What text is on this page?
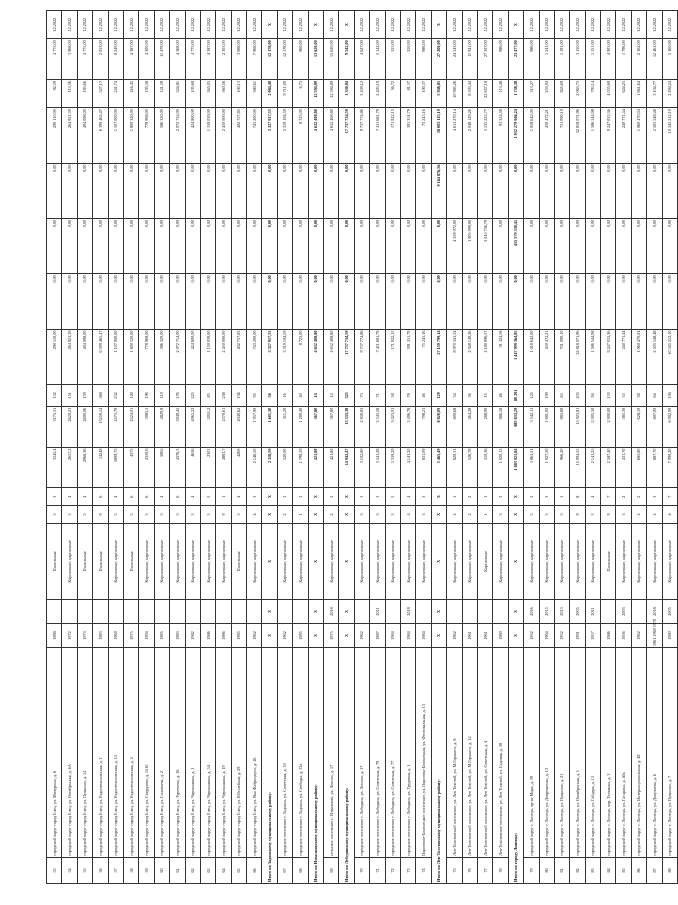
53	городской округ город Елец, ул. Мичурина, д. 6	1988		Панельные	5	3	3545,4	3175,31	132	290 110,00	0,00	0,00	0,00	290 110,00	92,59	4 775,00	12.2022
54	городской округ город Елец, ул. Октябрьская, д. 6А	1972		Кирпичные, кирпичные	5	4	2657,2	2620,21	151	264 921,39	0,00	0,00	0,00	264 921,39	113,56	3 968,00	12.2022
55	городской округ город Елец, ул. Пушкина, д. 14	1973		Панельные	5	4	2968,36	2690,06	139	494 098,00	0,00	0,00	0,00	494 098,00	183,66	4 775,00	12.2022
56	городской округ город Елец, ул. Радиотехническая, д. 1	1983		Панельные	9	6	14248	13259,14	568	6 399 465,47	0,00	0,00	0,00	6 399 465,47	527,17	2 053,00	12.2022
57	городской округ город Елец, ул. Радиотехническая, д. 15	1969		Кирпичные, кирпичные	5	4	5899,75	4575,79	232	1 107 000,00	0,00	0,00	0,00	1 107 000,00	241,74	8 249,00	12.2022
58	городской округ город Елец, ул. Радиотехническая, д. 5	1975		Панельные	5	6	4375	4324,01	140	1 800 320,00	0,00	0,00	0,00	1 800 320,00	416,45	4 387,00	12.2022
59	городской округ город Елец, ул. Свердлова, д. 151б	1994		Кирпичные, кирпичные	5	6	4350,6	3983,5	196	778 968,00	0,00	0,00	0,00	778 968,00	195,58	4 300,00	12.2022
60	городской округ город Елец, ул. Соловьева, д. 2	1985		Кирпичные, кирпичные	5	4	5065	4829,8	119	586 320,00	0,00	0,00	0,00	586 320,00	121,39	11 479,00	12.2022
61	городской округ город Елец, ул. Тургенева, д. 16	1983		Кирпичные, кирпичные	5	6	4376,3	3949,45	176	2 072 714,00	0,00	0,00	0,00	2 072 714,00	524,81	4 368,00	12.2022
62	городской округ город Елец, ул. Черокашина, д. 1	1982		Кирпичные, кирпичные	5	4	4656	4065,22	225	424 800,00	0,00	0,00	0,00	424 800,00	105,68	4 775,00	12.2022
63	городской округ город Елец, ул. Черокашина, д. 5А	1986		Кирпичные, кирпичные	5	5	2301	2051,2	85	1 159 039,00	0,00	0,00	0,00	1 159 039,00	565,05	4 387,00	12.2022
64	городской округ город Елец, ул. Черокашина, д. 19	1986		Кирпичные, кирпичные	9	1	4881,7	4370,61	238	2 450 000,00	0,00	0,00	0,00	2 450 000,00	560,56	2 303,00	12.2022
65	городской округ город Елец, ул. Юбилейная, д. 29	1985		Панельные	5	4	4269	4040,62	136	402 757,85	0,00	0,00	0,00	402 757,85	100,13	3 068,00	12.2022
66	городской округ город Елец, ул. Яна Фабрициуса, д. 16	1962		Кирпичные, кирпичные	4	3	2 146,50	1 957,90	95	743 200,00	0,00	0,00	0,00	743 200,00	380,61	7 968,00	12.2022
Итого по Задонскому муниципальному району:		X	X	X	X	X	2 118,59	1 601,30	56	3 327 917,55	0,00	0,00	0,00	3 327 917,55	2 084,48	12 178,00	X
67	городское поселение г. Задонск, ул. Советская, д. 55	1962		Кирпичные, кирпичные	2	1	320,00	311,20	16	3 319 194,59	0,00	0,00	0,00	3 319 194,59	9 711,00	12 178,00	12.2022
68	городское поселение г. Задонск, ул. Свободы, д. 33а	1985		Кирпичные, кирпичные	1	1	1 798,59	1 289,40	40	8 723,00	0,00	0,00	0,00	8 723,00	6,73	960,00	12.2022
Итого по Измалковскому муниципальному району:		X	X	X	X	X	421,80	367,80	14	4 632 408,80	0,00	0,00	0,00	4 632 408,80	12 594,89	13 620,00	X
69	сельское поселение с. Измалково, ул. Ленина, д. 17	1975	2018	Кирпичные, кирпичные	2	3	421,80	367,80	14	4 632 408,80	0,00	0,00	0,00	4 632 408,80	12 594,89	13 620,00	12.2022
Итого по Лебедянскому муниципальному району:		X	X	X	X	X	14 942,47	13 333,38	325	17 737 734,59	0,00	0,00	0,00	17 737 734,59	1 330,84	9 542,00	X
70	городское поселение г. Лебедянь, ул. Ленина, д. 17	1962		Кирпичные, кирпичные	3	3	3 102,80	2 830,83	73	9 737 774,86	0,00	0,00	0,00	9 737 774,86	3 439,12	4 627,00	12.2022
71	городское поселение г. Лебедянь, ул. Советская, д. 79	1987	2011	Кирпичные, кирпичные	3	3	3 541,28	3 343,58	71	7 411 681,79	0,00	0,00	0,00	7 411 681,79	2 403,19	5 142,00	12.2022
72	городское поселение г. Лебедянь, ул. Советская, д. 77	1984		Кирпичные, кирпичные	5	5	3 339,29	3 023,91	58	171 922,15	0,00	0,00	0,00	171 922,15	56,72	555,00	12.2022
73	городское поселение г. Лебедянь, ул. Трудовая, д. 1	1984	2018	Кирпичные, кирпичные	4	4	4 141,20	3 496,78	78	391 351,79	0,00	0,00	0,00	391 351,79	81,37	350,00	12.2022
74	Пироговое-Болонецкое поселение, ул. Пирогова-Болонецкая, ул. Фестивальная, д. 13	1984		Кирпичные, кирпичные	3	3	831,09	798,21	46	75 245,16	0,00	0,00	0,00	75 245,16	100,37	986,00	12.2022
Итого по Лев-Толстовскому муниципальному району:		X	X	X	X	X	5 465,49	8 820,09	129	27 139 799,14	0,00	0,00	9 164 876,56	18 002 115,19	5 948,85	27 200,00	X
75	Лев-Толстовский поселение, ул. Лев Толстой, ул. М.Горького, д. 8	1962		Кирпичные, кирпичные	2	1	820,31	809,68	34	8 970 341,54	0,00	4 359 072,00	0,00	4 611 270,14	10 985,26	24 543,00	12.2022
76	Лев-Толстовский поселение, ул. Лев Толстой, ул. М.Горького, д. 12	1961		Кирпичные, кирпичные	2	2	526,78	464,28	36	2 048 149,26	0,00	1 905 999,00	0,00	2 048 149,26	8 503,44	11 941,00	12.2022
77	Лев-Толстовский поселение, ул. Лев Толстой, ул. Советская, д. 4	1961		Кирпичные	1	1	310,56	288,90	15	4 180 896,57	0,00	3 045 756,79	0,00	3 135 223,77	22 857,18	27 507,00	12.2022
78	Лев-Толстовское поселение, ул. Лев Толстой, ул. Садовая, д. 38	1980		Кирпичные, кирпичные	3	3	1 020,15	886,58	46	91 324,58	0,00	0,00	0,00	91 324,58	113,48	986,00	12.2022
Итого по городу Липецку:		X	X	X	X	X	1 803 923,84	885 833,29	80 201	1 447 999 364,85	0,00	415 579 330,41	0,00	1 032 279 946,24	1 738,38	23 477,00	X
79	городской округ г. Липецк, пр-кт Мира, д. 39	1952	2016	Кирпичные, кирпичные	5	3	3 863,51	3 542,11	125	1 018 642,00	0,00	0,00	0,00	1 018 642,00	313,27	986,00	12.2022
80	городской округ г. Липецк, ул. Доврошенко, д. 13	1964	2015	Кирпичные, кирпичные	5	3	1 927,50	1 681,92	199	430 472,21	0,00	0,00	0,00	430 472,21	255,94	1 541,00	12.2022
81	городской округ г. Липецк, ул. Пушкина, д. 21	1952	2013	Кирпичные, кирпичные	5	1	966,20	883,80	63	731 090,10	0,00	0,00	0,00	731 090,10	825,69	1 191,00	12.2022
82	городской округ г. Липецк, ул. Октябрьская, д. 1	1991	2005	Кирпичные, кирпичные	9	8	15 994,55	15 923,81	435	32 818 071,96	0,00	0,00	0,00	32 818 071,96	2 063,73	3 150,00	12.2022
83	городской округ г. Липецк, ул. Гайдара, д. 13	1957	2011	Кирпичные, кирпичные	3	4	2 141,25	2 005,50	94	1 586 544,98	0,00	0,00	0,00	1 586 544,98	793,14	1 151,00	12.2022
84	городской округ г. Липецк, пер. Тельмана, д. 3	1986		Панельные	9	7	2 587,40	2 900,00	133	9 247 033,36	0,00	0,00	0,00	9 247 033,36	4 035,69	4 903,00	12.2022
85	городской округ г. Липецк, ул. Гагарина, д. 40а	1956	2003	Кирпичные, кирпичные	3	2	431,70	385,30	35	240 771,44	0,00	0,00	0,00	240 771,44	624,25	1 796,00	12.2022
86	городской округ г. Липецк, ул. Интернациональная, д. 48	1962		Кирпичные, кирпичные	2	2	685,80	628,10	38	1 060 470,04	0,00	0,00	0,00	1 060 470,04	1 661,64	2 162,00	12.2022
87	городской округ г. Липецк, ул. Докучаева, д. 6	1961 1969 1970	2018	Кирпичные, кирпичные	2	3	887,70	807,00	64	2 505 548,48	0,00	0,00	0,00	2 505 548,48	3 104,77	12 461,00	12.2022
88	городской округ г. Липецк, ул. Пушкина, д. 7	1980	2005	Кирпичные, кирпичные	4	7	7 990,20	6 902,90	194	10 345 212,10	0,00	0,00	0,00	10 345 212,10	2 494,24	5 160,00	12.2022
